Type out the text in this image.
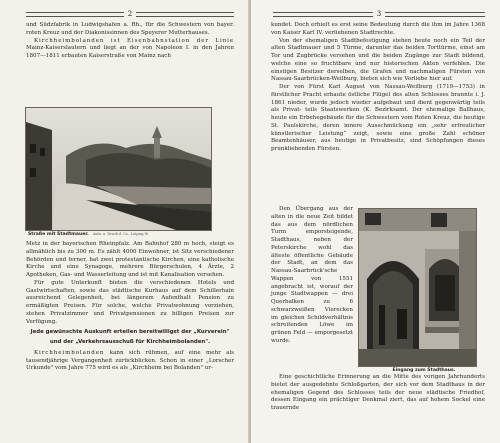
2

und Südzfabrik in Ludwigshafen a. Rh., für die Schwestern von bayer. roten Kreuz und der Diakonissinnen des Speyerer Mutterhauses.

Kirchheimbolanden ist Eisenbahnstation der Linie Mainz-Kaiserslautern und liegt an der von Napoleon I. in den Jahren 1807—1811 erbauten Kaiserstraße von Mainz nach

Straße mit Stadtmauer. Aufn. u. Druck d. Co., Leipzig W.

Metz in der bayerischen Rheinpfalz. Am Bahnhof 280 m hoch, steigt es allmählich bis zu 300 m. Es zählt 4000 Einwohner, ist Sitz verschiedener Behörden und ferner, hat zwei protestantische Kirchen, eine katholische Kirche und eine Synagoge, mehrere Bürgerschulen, 4 Ärzte, 2 Apotheken, Gas- und Wasserleitung und ist mit Kanalisation versehen.

Für gute Unterkunft bieten die verschiedenen Hotels und Gastwirtschaften, sowie das städtische Kurhaus auf dem Schillerhain ausreichend Gelegenheit, bei längerem Aufenthalt Pension zu ermäßigten Preisen. Für solche, welche Privatwohnung vorziehen, stehen Privatzimmer und Privatpensionen zu billigen Preisen zur Verfügung.

Jede gewünschte Auskunft erteilen bereitwilligst der „Kurverein"

und der „Verkehrsausschuß für Kirchheimbolanden".

Kirchheimbolanden kann sich rühmen, auf eine mehr als tausendjährige Vergangenheit zurückblicken. Schon in einer „Lorscher Urkunde" vom Jahre 775 wird es als „Kirchheim bei Bolanden" ur-

3

kundet. Doch erhielt es erst seine Bedeutung durch die ihm im Jahre 1368 von Kaiser Karl IV. verliehenen Stadtrechte.

Von der ehemaligen Stadtbefestigung stehen heute noch ein Teil der alten Stadtmauer und 5 Türme, darunter das beiden Torttürme, einst am Tor und Zugbrücke versehen und die beiden Zugänge zur Stadt bildend, welche eine so fruchtbare und nur historischen Akten verfehlen. Die einstigen Besitzer derselben, die Grafen und nachmaligen Fürsten von Nassau-Saarbrücken-Weilburg, bieten sich wie Vorliebe hier auf.

Der von Fürst Karl August von Nassau-Weilburg (1719—1753) in fürstlicher Pracht erbaute östliche Flügel des alten Schlosses brannte i. J. 1861 nieder, wurde jedoch wieder aufgebaut und dient gegenwärtig teils als Privat- teils Staatswerken (K. Bezirksamt. Der ehemalige Ballhaus, heute ein Erbehegebäude für die Schwestern vom Roten Kreuz, die heutige St. Paulskirche, deren innere Ausschmückung ein „sehr erfreulicher künstlerischer Leistung“ zeigt, sowie eine große Zahl schöner Beamtenhäuser, aus heutige in Privatbesitz, sind Schöpfungen dieses prunkliebenden Fürsten.

Den Übergang aus der alten in die neue Zeit bildet das aus dem nördlichen Turm emporsteigende, Stadthaus, neben der Peterskirche wohl das älteste öffentliche Gebäude der Stadt, an dem das Nassau-Saarbrück'sche Wappen von 1551 angebracht ist, worauf der junge Stadtwappen — drei Querbalken zu 6 schwarzweißen Vierecken im gleichen Schildverhältnis schreitenden Löwe im grünen Feld — emporgesetzt wurde.

Eingang zum Stadthaus.

Eine geschichtliche Erinnerung an die Mitte des vorigen Jahrhunderts bietet der ausgedehnte Schloßgarten, der sich vor dem Stadthaus in der ehemaligen Gegend des Schlosses teils der neue städtische Friedhof, dessen Eingang ein prächtiger Denkmal ziert, das auf hohem Sockel eine trauernde
